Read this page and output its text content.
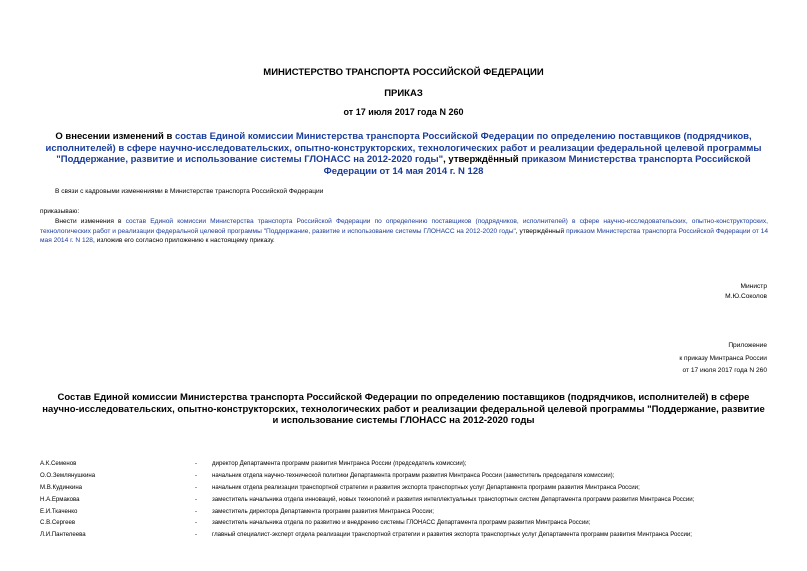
МИНИСТЕРСТВО ТРАНСПОРТА РОССИЙСКОЙ ФЕДЕРАЦИИ
ПРИКАЗ
от 17 июля 2017 года N 260
О внесении изменений в состав Единой комиссии Министерства транспорта Российской Федерации по определению поставщиков (подрядчиков, исполнителей) в сфере научно-исследовательских, опытно-конструкторских, технологических работ и реализации федеральной целевой программы "Поддержание, развитие и использование системы ГЛОНАСС на 2012-2020 годы", утверждённый приказом Министерства транспорта Российской Федерации от 14 мая 2014 г. N 128
В связи с кадровыми изменениями в Министерстве транспорта Российской Федерации
приказываю:
Внести изменения в состав Единой комиссии Министерства транспорта Российской Федерации по определению поставщиков (подрядчиков, исполнителей) в сфере научно-исследовательских, опытно-конструкторских, технологических работ и реализации федеральной целевой программы "Поддержание, развитие и использование системы ГЛОНАСС на 2012-2020 годы", утверждённый приказом Министерства транспорта Российской Федерации от 14 мая 2014 г. N 128, изложив его согласно приложению к настоящему приказу.
Министр
М.Ю.Соколов
Приложение
к приказу Минтранса России
от 17 июля 2017 года N 260
Состав Единой комиссии Министерства транспорта Российской Федерации по определению поставщиков (подрядчиков, исполнителей) в сфере научно-исследовательских, опытно-конструкторских, технологических работ и реализации федеральной целевой программы "Поддержание, развитие и использование системы ГЛОНАСС на 2012-2020 годы
А.К.Семенов	-	директор Департамента программ развития Минтранса России (председатель комиссии);
О.О.Землянушкина	-	начальник отдела научно-технической политики Департамента программ развития Минтранса России (заместитель председателя комиссии);
М.В.Кудинкина	-	начальник отдела реализации транспортной стратегии и развития экспорта транспортных услуг Департамента программ развития Минтранса России;
Н.А.Ермакова	-	заместитель начальника отдела инноваций, новых технологий и развития интеллектуальных транспортных систем Департамента программ развития Минтранса России;
Е.И.Ткаченко	-	заместитель директора Департамента программ развития Минтранса России;
С.В.Сергеев	-	заместитель начальника отдела по развитию и внедрению системы ГЛОНАСС Департамента программ развития Минтранса России;
Л.И.Пантелеева	-	главный специалист-эксперт отдела реализации транспортной стратегии и развития экспорта транспортных услуг Департамента программ развития Минтранса России;
